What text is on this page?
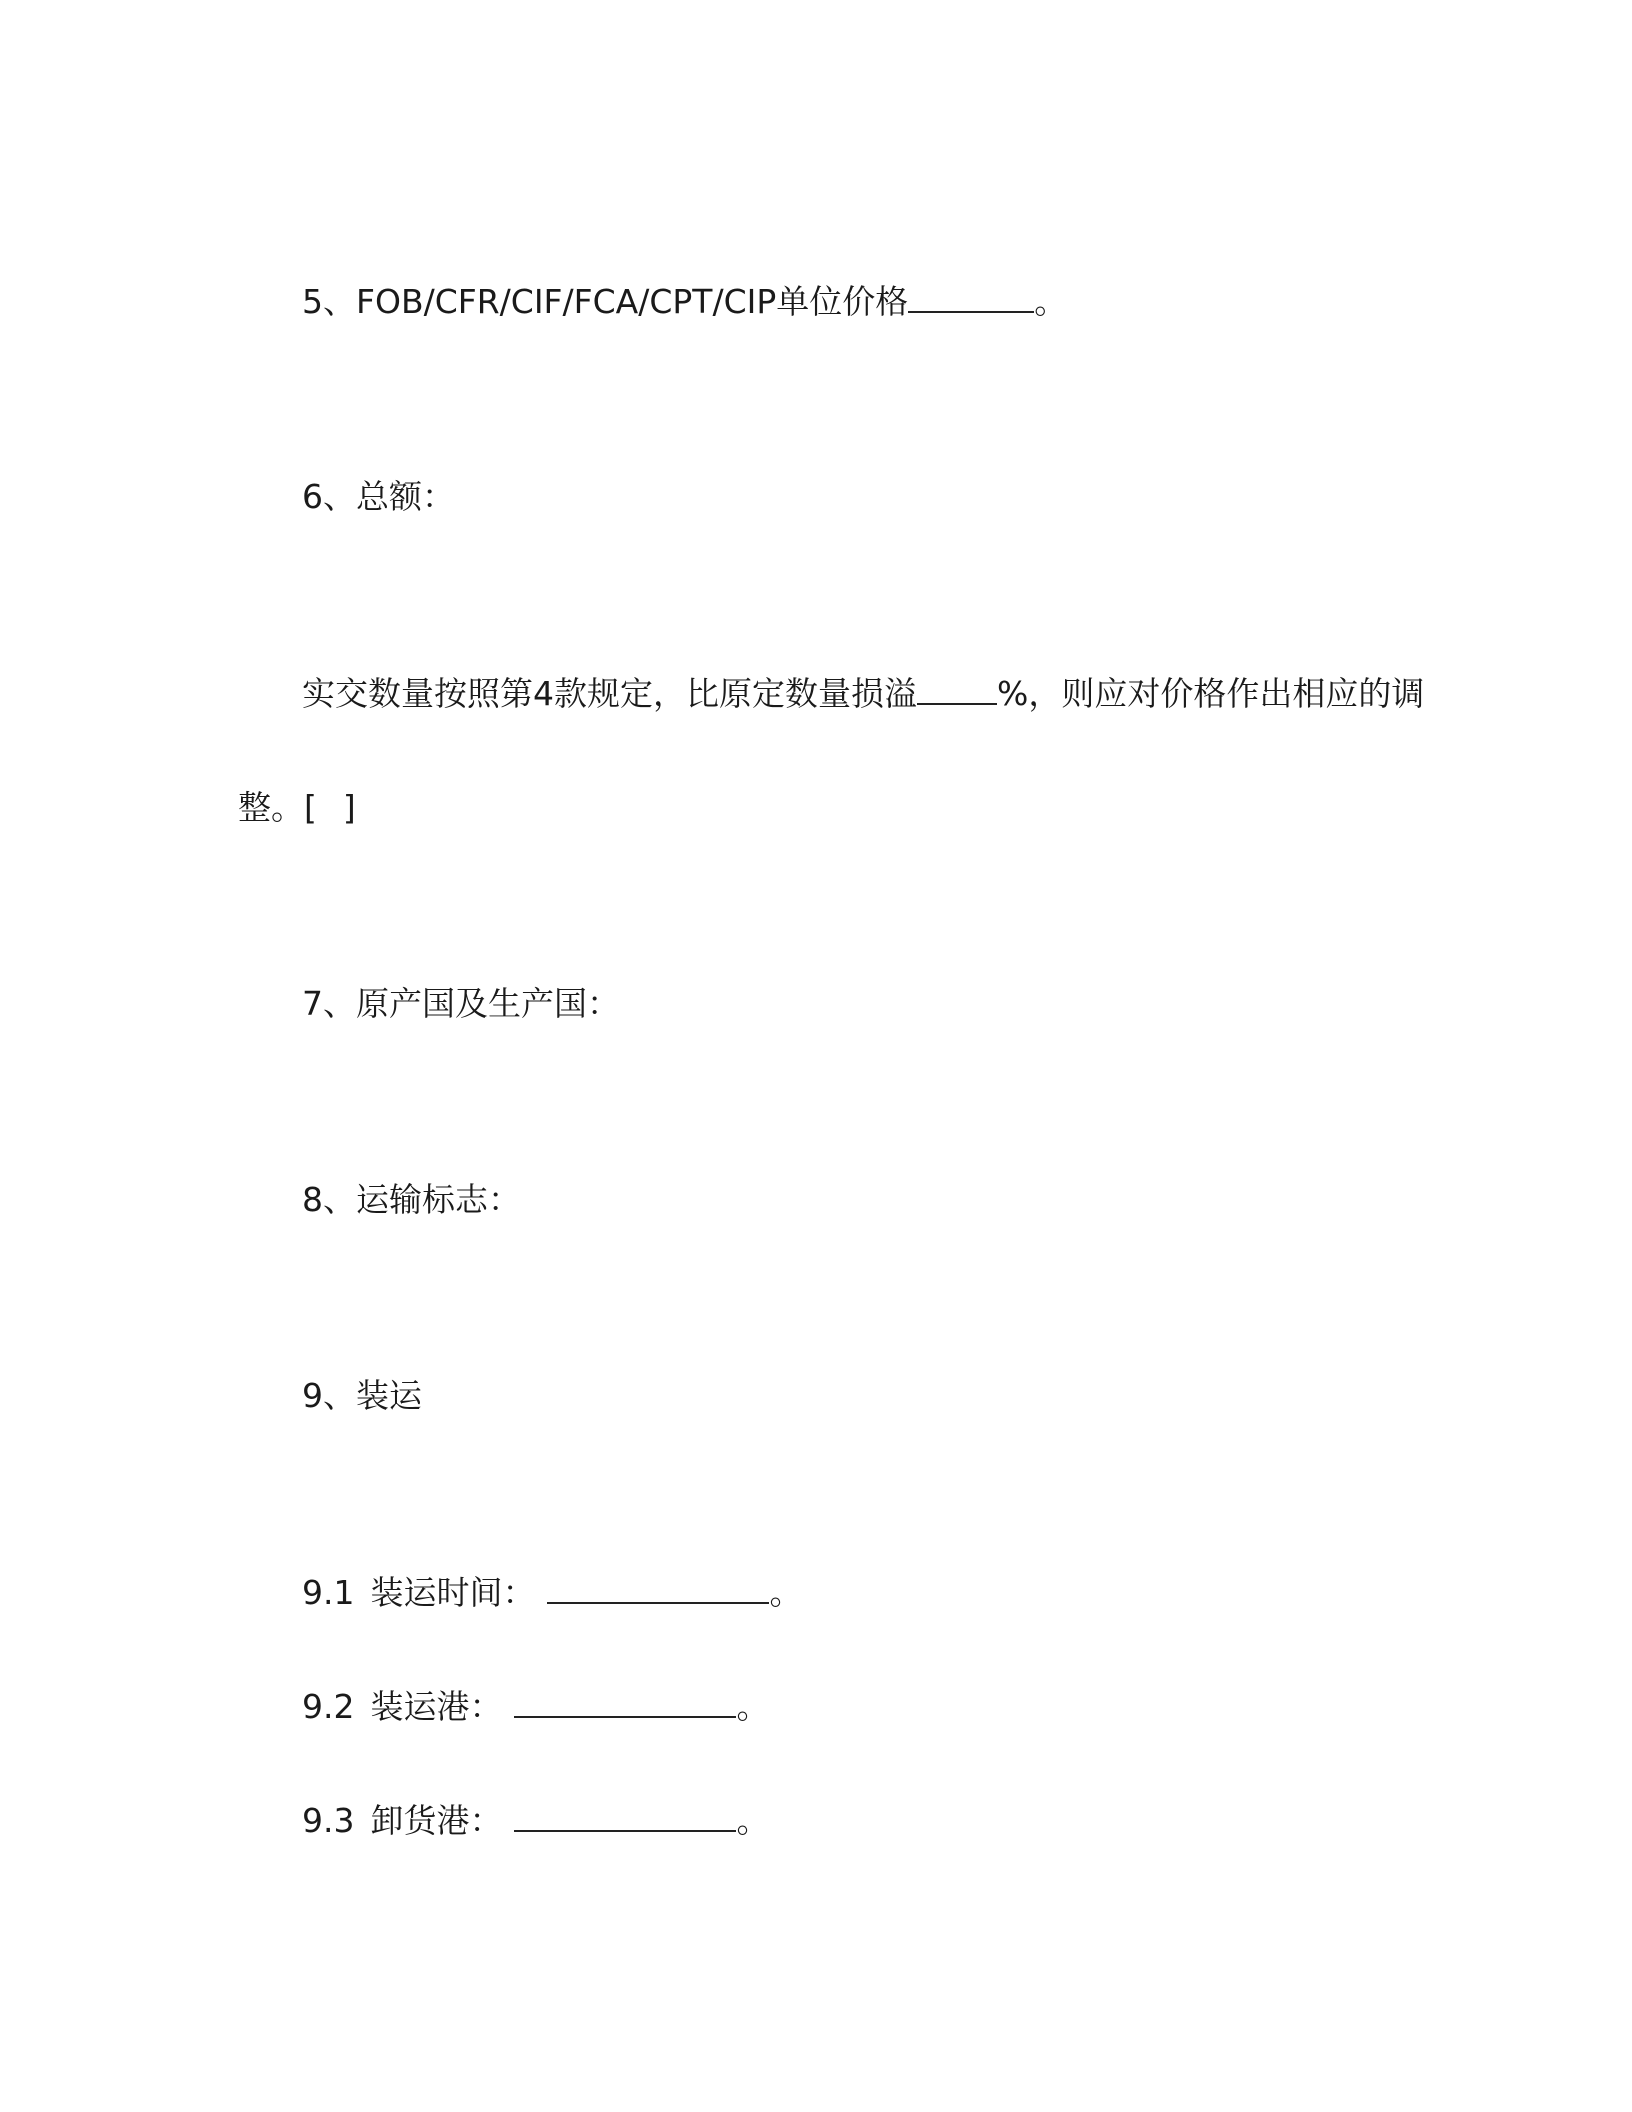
5、FOB/CFR/CIF/FCA/CPT/CIP单位价格	。
6、总额：
实交数量按照第4款规定，比原定数量损溢 %，则应对价格作出相应的调
整。[ ]
7、原产国及生产国：
8、运输标志：
9、装运
9.1 装运时间：	。
9.2 装运港：	。
9.3 卸货港：	。
